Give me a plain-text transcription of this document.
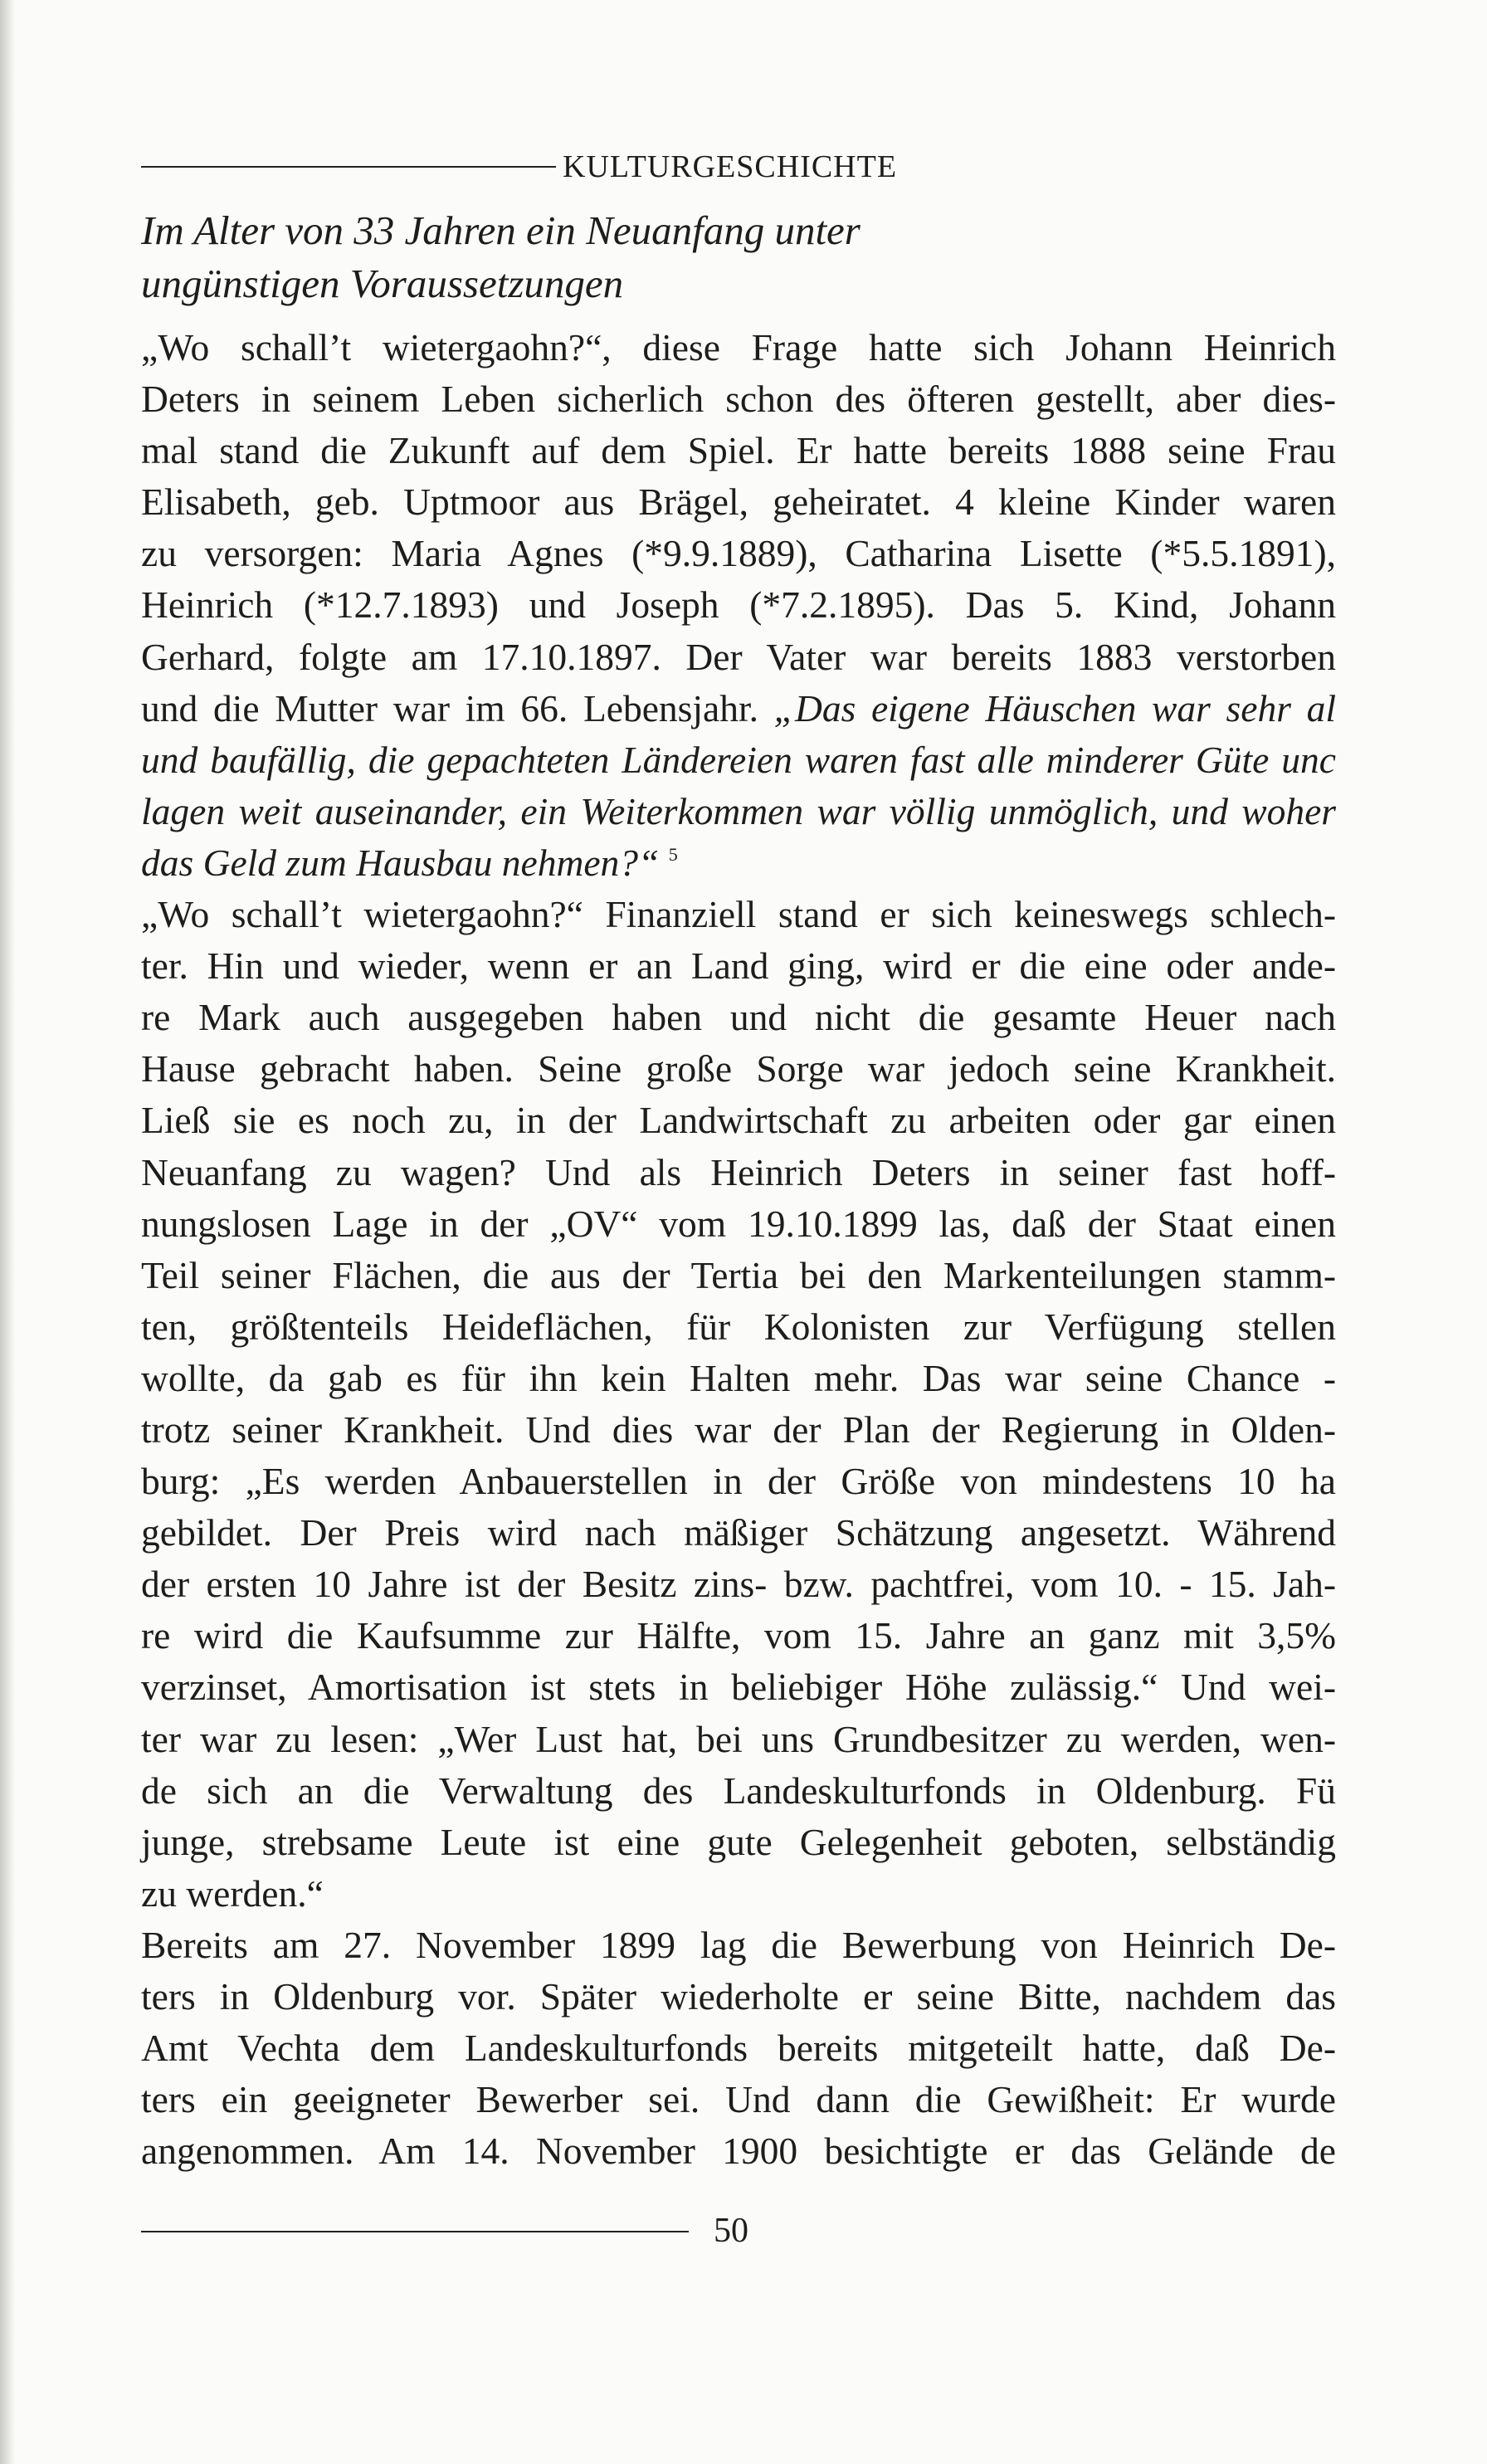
KULTURGESCHICHTE
Im Alter von 33 Jahren ein Neuanfang unter
ungünstigen Voraussetzungen
„Wo schall’t wietergaohn?“, diese Frage hatte sich Johann Heinrich
Deters in seinem Leben sicherlich schon des öfteren gestellt, aber dies-
mal stand die Zukunft auf dem Spiel. Er hatte bereits 1888 seine Frau
Elisabeth, geb. Uptmoor aus Brägel, geheiratet. 4 kleine Kinder waren
zu versorgen: Maria Agnes (*9.9.1889), Catharina Lisette (*5.5.1891),
Heinrich (*12.7.1893) und Joseph (*7.2.1895). Das 5. Kind, Johann
Gerhard, folgte am 17.10.1897. Der Vater war bereits 1883 verstorben
und die Mutter war im 66. Lebensjahr. „Das eigene Häuschen war sehr al
und baufällig, die gepachteten Ländereien waren fast alle minderer Güte unc
lagen weit auseinander, ein Weiterkommen war völlig unmöglich, und woher
das Geld zum Hausbau nehmen?“ $^5$
„Wo schall’t wietergaohn?“ Finanziell stand er sich keineswegs schlech-
ter. Hin und wieder, wenn er an Land ging, wird er die eine oder ande-
re Mark auch ausgegeben haben und nicht die gesamte Heuer nach
Hause gebracht haben. Seine große Sorge war jedoch seine Krankheit.
Ließ sie es noch zu, in der Landwirtschaft zu arbeiten oder gar einen
Neuanfang zu wagen? Und als Heinrich Deters in seiner fast hoff-
nungslosen Lage in der „OV“ vom 19.10.1899 las, daß der Staat einen
Teil seiner Flächen, die aus der Tertia bei den Markenteilungen stamm-
ten, größtenteils Heideflächen, für Kolonisten zur Verfügung stellen
wollte, da gab es für ihn kein Halten mehr. Das war seine Chance -
trotz seiner Krankheit. Und dies war der Plan der Regierung in Olden-
burg: „Es werden Anbauerstellen in der Größe von mindestens 10 ha
gebildet. Der Preis wird nach mäßiger Schätzung angesetzt. Während
der ersten 10 Jahre ist der Besitz zins- bzw. pachtfrei, vom 10. - 15. Jah-
re wird die Kaufsumme zur Hälfte, vom 15. Jahre an ganz mit 3,5%
verzinset, Amortisation ist stets in beliebiger Höhe zulässig.“ Und wei-
ter war zu lesen: „Wer Lust hat, bei uns Grundbesitzer zu werden, wen-
de sich an die Verwaltung des Landeskulturfonds in Oldenburg. Fü
junge, strebsame Leute ist eine gute Gelegenheit geboten, selbständig
zu werden.“
Bereits am 27. November 1899 lag die Bewerbung von Heinrich De-
ters in Oldenburg vor. Später wiederholte er seine Bitte, nachdem das
Amt Vechta dem Landeskulturfonds bereits mitgeteilt hatte, daß De-
ters ein geeigneter Bewerber sei. Und dann die Gewißheit: Er wurde
angenommen. Am 14. November 1900 besichtigte er das Gelände de
50
